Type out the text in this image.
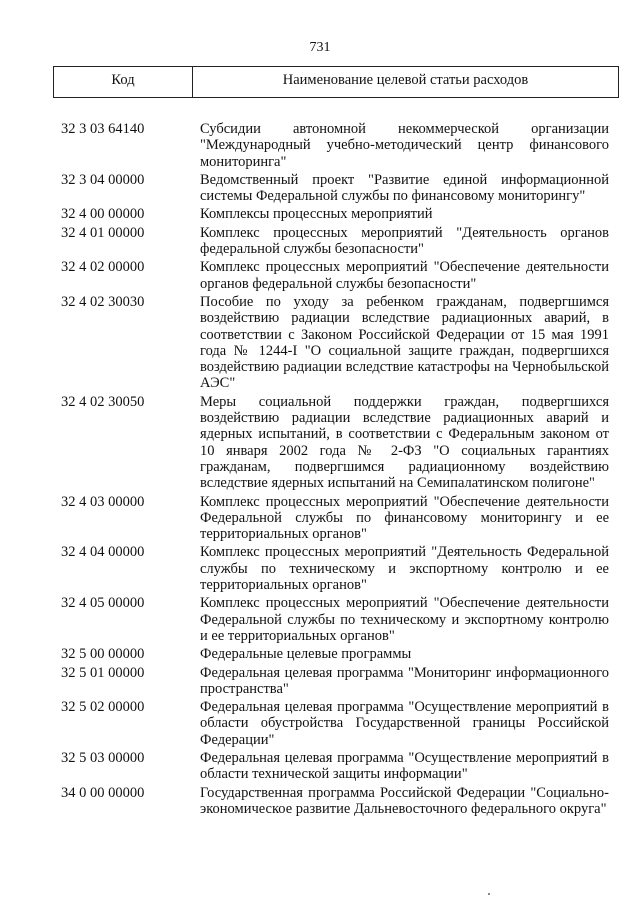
731
Код	Наименование целевой статьи расходов
32 3 03 64140	Субсидии автономной некоммерческой организации "Международный учебно-методический центр финансового мониторинга"
32 3 04 00000	Ведомственный проект "Развитие единой информационной системы Федеральной службы по финансовому мониторингу"
32 4 00 00000	Комплексы процессных мероприятий
32 4 01 00000	Комплекс процессных мероприятий "Деятельность органов федеральной службы безопасности"
32 4 02 00000	Комплекс процессных мероприятий "Обеспечение деятельности органов федеральной службы безопасности"
32 4 02 30030	Пособие по уходу за ребенком гражданам, подвергшимся воздействию радиации вследствие радиационных аварий, в соответствии с Законом Российской Федерации от 15 мая 1991 года № 1244-I "О социальной защите граждан, подвергшихся воздействию радиации вследствие катастрофы на Чернобыльской АЭС"
32 4 02 30050	Меры социальной поддержки граждан, подвергшихся воздействию радиации вследствие радиационных аварий и ядерных испытаний, в соответствии с Федеральным законом от 10 января 2002 года № 2-ФЗ "О социальных гарантиях гражданам, подвергшимся радиационному воздействию вследствие ядерных испытаний на Семипалатинском полигоне"
32 4 03 00000	Комплекс процессных мероприятий "Обеспечение деятельности Федеральной службы по финансовому мониторингу и ее территориальных органов"
32 4 04 00000	Комплекс процессных мероприятий "Деятельность Федеральной службы по техническому и экспортному контролю и ее территориальных органов"
32 4 05 00000	Комплекс процессных мероприятий "Обеспечение деятельности Федеральной службы по техническому и экспортному контролю и ее территориальных органов"
32 5 00 00000	Федеральные целевые программы
32 5 01 00000	Федеральная целевая программа "Мониторинг информационного пространства"
32 5 02 00000	Федеральная целевая программа "Осуществление мероприятий в области обустройства Государственной границы Российской Федерации"
32 5 03 00000	Федеральная целевая программа "Осуществление мероприятий в области технической защиты информации"
34 0 00 00000	Государственная программа Российской Федерации "Социально-экономическое развитие Дальневосточного федерального округа"
